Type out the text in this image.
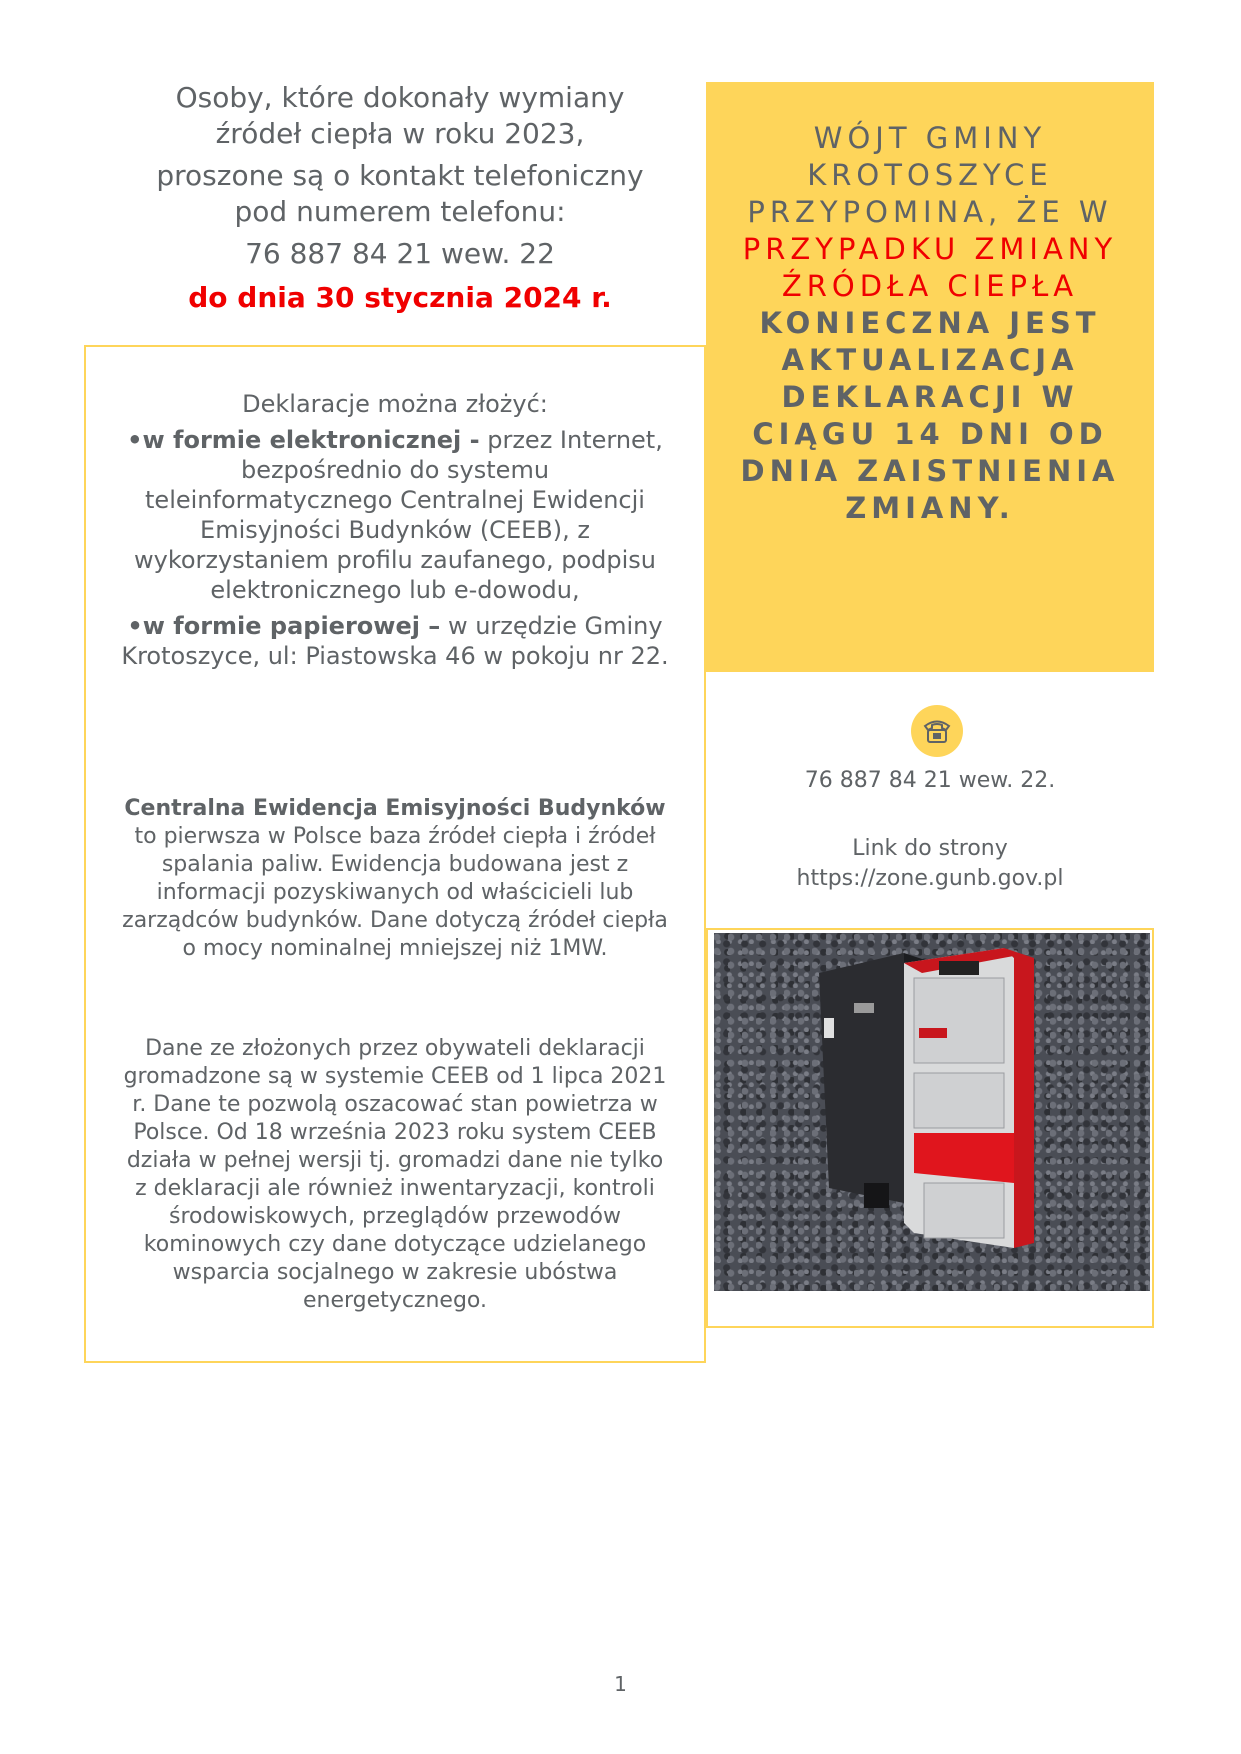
Osoby, które dokonały wymiany

źródeł ciepła w roku 2023,

proszone są o kontakt telefoniczny

pod numerem telefonu:

76 887 84 21 wew. 22

do dnia 30 stycznia 2024 r.

Deklaracje można złożyć:

•w formie elektronicznej - przez Internet, bezpośrednio do systemu teleinformatycznego Centralnej Ewidencji Emisyjności Budynków (CEEB), z wykorzystaniem profilu zaufanego, podpisu elektronicznego lub e-dowodu,

•w formie papierowej – w urzędzie Gminy Krotoszyce, ul: Piastowska 46 w pokoju nr 22.

Centralna Ewidencja Emisyjności Budynków to pierwsza w Polsce baza źródeł ciepła i źródeł spalania paliw. Ewidencja budowana jest z informacji pozyskiwanych od właścicieli lub zarządców budynków. Dane dotyczą źródeł ciepła o mocy nominalnej mniejszej niż 1MW.

Dane ze złożonych przez obywateli deklaracji gromadzone są w systemie CEEB od 1 lipca 2021 r. Dane te pozwolą oszacować stan powietrza w Polsce. Od 18 września 2023 roku system CEEB działa w pełnej wersji tj. gromadzi dane nie tylko z deklaracji ale również inwentaryzacji, kontroli środowiskowych, przeglądów przewodów kominowych czy dane dotyczące udzielanego wsparcia socjalnego w zakresie ubóstwa energetycznego.

WÓJT GMINY KROTOSZYCE PRZYPOMINA, ŻE W PRZYPADKU ZMIANY ŹRÓDŁA CIEPŁA KONIECZNA JEST AKTUALIZACJA DEKLARACJI W CIĄGU 14 DNI OD DNIA ZAISTNIENIA ZMIANY.
76 887 84 21 wew. 22.
Link do strony
https://zone.gunb.gov.pl
1
